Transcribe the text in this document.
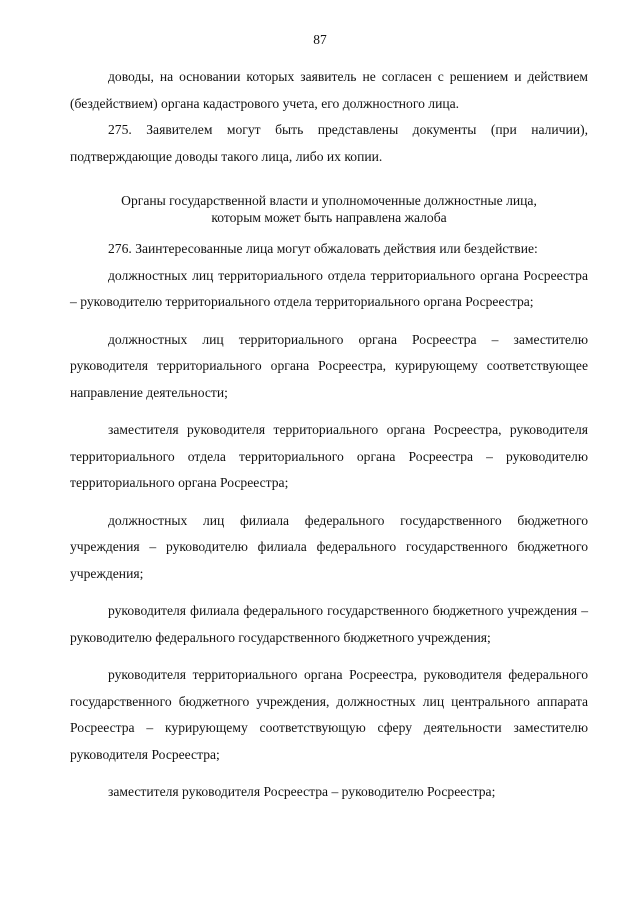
87

доводы, на основании которых заявитель не согласен с решением и действием (бездействием) органа кадастрового учета, его должностного лица.

275. Заявителем могут быть представлены документы (при наличии), подтверждающие доводы такого лица, либо их копии.

Органы государственной власти и уполномоченные должностные лица,
которым может быть направлена жалоба

276. Заинтересованные лица могут обжаловать действия или бездействие:

должностных лиц территориального отдела территориального органа Росреестра – руководителю территориального отдела территориального органа Росреестра;

должностных лиц территориального органа Росреестра – заместителю руководителя территориального органа Росреестра, курирующему соответствующее направление деятельности;

заместителя руководителя территориального органа Росреестра, руководителя территориального отдела территориального органа Росреестра – руководителю территориального органа Росреестра;

должностных лиц филиала федерального государственного бюджетного учреждения – руководителю филиала федерального государственного бюджетного учреждения;

руководителя филиала федерального государственного бюджетного учреждения – руководителю федерального государственного бюджетного учреждения;

руководителя территориального органа Росреестра, руководителя федерального государственного бюджетного учреждения, должностных лиц центрального аппарата Росреестра – курирующему соответствующую сферу деятельности заместителю руководителя Росреестра;

заместителя руководителя Росреестра – руководителю Росреестра;
